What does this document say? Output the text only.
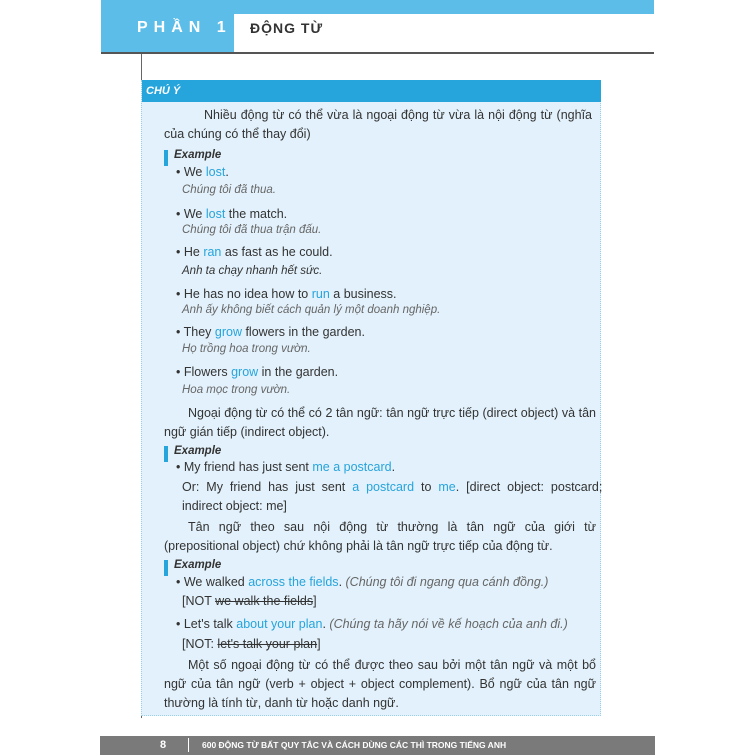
PHẦN 1 ĐỘNG TỪ
CHÚ Ý

Nhiều động từ có thể vừa là ngoại động từ vừa là nội động từ (nghĩa của chúng có thể thay đổi)

Example
• We lost.
Chúng tôi đã thua.
• We lost the match.
Chúng tôi đã thua trận đấu.
• He ran as fast as he could.
Anh ta chạy nhanh hết sức.
• He has no idea how to run a business.
Anh ấy không biết cách quản lý một doanh nghiệp.
• They grow flowers in the garden.
Họ trồng hoa trong vườn.
• Flowers grow in the garden.
Hoa mọc trong vườn.

Ngoại động từ có thể có 2 tân ngữ: tân ngữ trực tiếp (direct object) và tân ngữ gián tiếp (indirect object).

Example
• My friend has just sent me a postcard.
Or:  My  friend  has  just  sent  a  postcard  to  me.  [direct  object:  postcard;
indirect object: me]

Tân ngữ theo sau nội động từ thường là tân ngữ của giới từ (prepositional object) chứ không phải là tân ngữ trực tiếp của động từ.

Example
• We walked across the fields. (Chúng tôi đi ngang qua cánh đồng.)
[NOT we walk the fields]
• Let's talk about your plan. (Chúng ta hãy nói về kế hoạch của anh đi.)
[NOT: let's talk your plan]

Một số ngoại động từ có thể được theo sau bởi một tân ngữ và một bổ ngữ của tân ngữ (verb + object + object complement). Bổ ngữ của tân ngữ thường là tính từ, danh từ hoặc danh ngữ.

8	600 ĐỘNG TỪ BẤT QUY TẮC VÀ CÁCH DÙNG CÁC THÌ TRONG TIẾNG ANH
